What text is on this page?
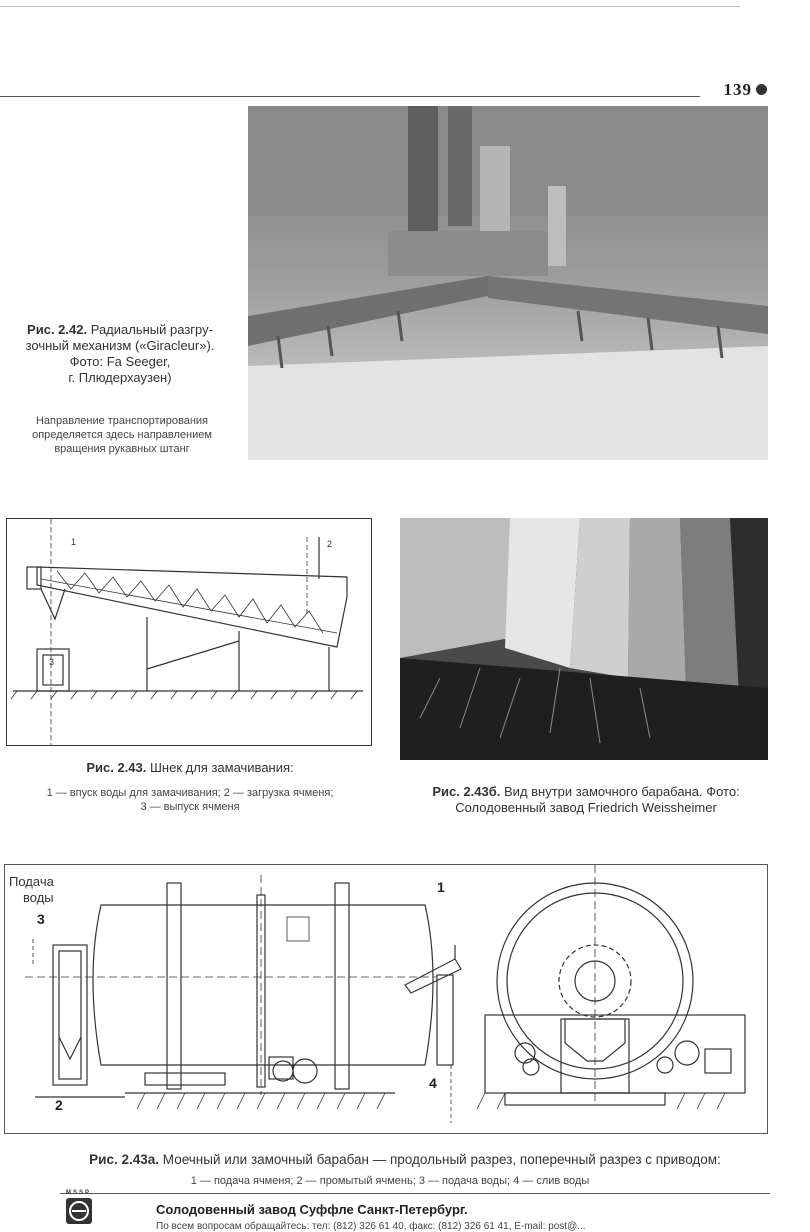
139
Рис. 2.42. Радиальный разгру-
зочный механизм («Giracleur»).
Фото: Fa Seeger,
г. Плюдерхаузен)
Направление транспортирования
определяется здесь направлением
вращения рукавных штанг
1	2
3
Рис. 2.43. Шнек для замачивания:
1 — впуск воды для замачивания; 2 — загрузка ячменя;
3 — выпуск ячменя
Рис. 2.43б. Вид внутри замочного барабана. Фото:
Солодовенный завод Friedrich Weissheimer
Подача
воды
1
2
3
4
Рис. 2.43а. Моечный или замочный барабан — продольный разрез, поперечный разрез с приводом:
1 — подача ячменя; 2 — промытый ячмень; 3 — подача воды; 4 — слив воды
MSSP
Солодовенный завод Суффле Санкт-Петербург.
По всем вопросам обращайтесь: тел: (812) 326 61 40, факс: (812) 326 61 41, E-mail: post@...
